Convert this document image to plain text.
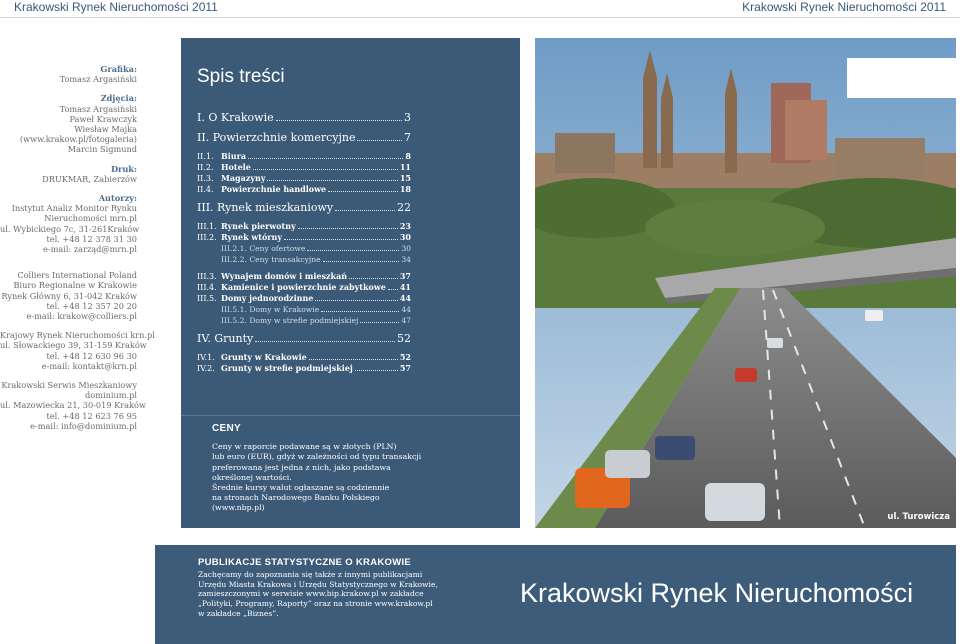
Krakowski Rynek Nieruchomości 2011	Krakowski Rynek Nieruchomości 2011

Grafika:

Tomasz Argasiński

Zdjęcia:

Tomasz Argasiński

Paweł Krawczyk

Wiesław Majka

(www.krakow.pl/fotogaleria)

Marcin Sigmund

Druk:

DRUKMAR, Zabierzów

Autorzy:

Instytut Analiz Monitor Rynku

Nieruchomości mrn.pl

ul. Wybickiego 7c, 31-261Kraków

tel. +48 12 378 31 30

e-mail: zarząd@mrn.pl

Colliers International Poland

Biuro Regionalne w Krakowie

Rynek Główny 6, 31-042 Kraków

tel. +48 12 357 20 20

e-mail: krakow@colliers.pl

Krajowy Rynek Nieruchomości krn.pl

ul. Słowackiego 39, 31-159 Kraków

tel. +48 12 630 96 30

e-mail: kontakt@krn.pl

Krakowski Serwis Mieszkaniowy

dominium.pl

ul. Mazowiecka 21, 30-019 Kraków

tel. +48 12 623 76 95

e-mail: info@dominium.pl

Spis treści
I. O Krakowie	3
II. Powierzchnie komercyjne	7
II.1. Biura	8
II.2. Hotele	11
II.3. Magazyny	15
II.4. Powierzchnie handlowe	18
III. Rynek mieszkaniowy	22
III.1. Rynek pierwotny	23
III.2. Rynek wtórny	30
III.2.1. Ceny ofertowe	30
III.2.2. Ceny transakcyjne	34
III.3. Wynajem domów i mieszkań	37
III.4. Kamienice i powierzchnie zabytkowe 41
III.5. Domy jednorodzinne	44
III.5.1. Domy w Krakowie	44
III.5.2. Domy w strefie podmiejskiej	47
IV. Grunty	52
IV.1. Grunty w Krakowie	52
IV.2. Grunty w strefie podmiejskiej	57
CENY

Ceny w raporcie podawane są w złotych (PLN)

lub euro (EUR), gdyż w zależności od typu transakcji

preferowana jest jedna z nich, jako podstawa

określonej wartości.

Średnie kursy walut ogłaszane są codziennie

na stronach Narodowego Banku Polskiego

(www.nbp.pl)

ul. Turowicza
PUBLIKACJE STATYSTYCZNE O KRAKOWIE

Zachęcamy do zapoznania się także z innymi publikacjami

Urzędu Miasta Krakowa i Urzędu Statystycznego w Krakowie,

zamieszczonymi w serwisie www.bip.krakow.pl w zakładce

„Polityki, Programy, Raporty” oraz na stronie www.krakow.pl

w zakładce „Biznes”.

Krakowski Rynek Nieruchomości
